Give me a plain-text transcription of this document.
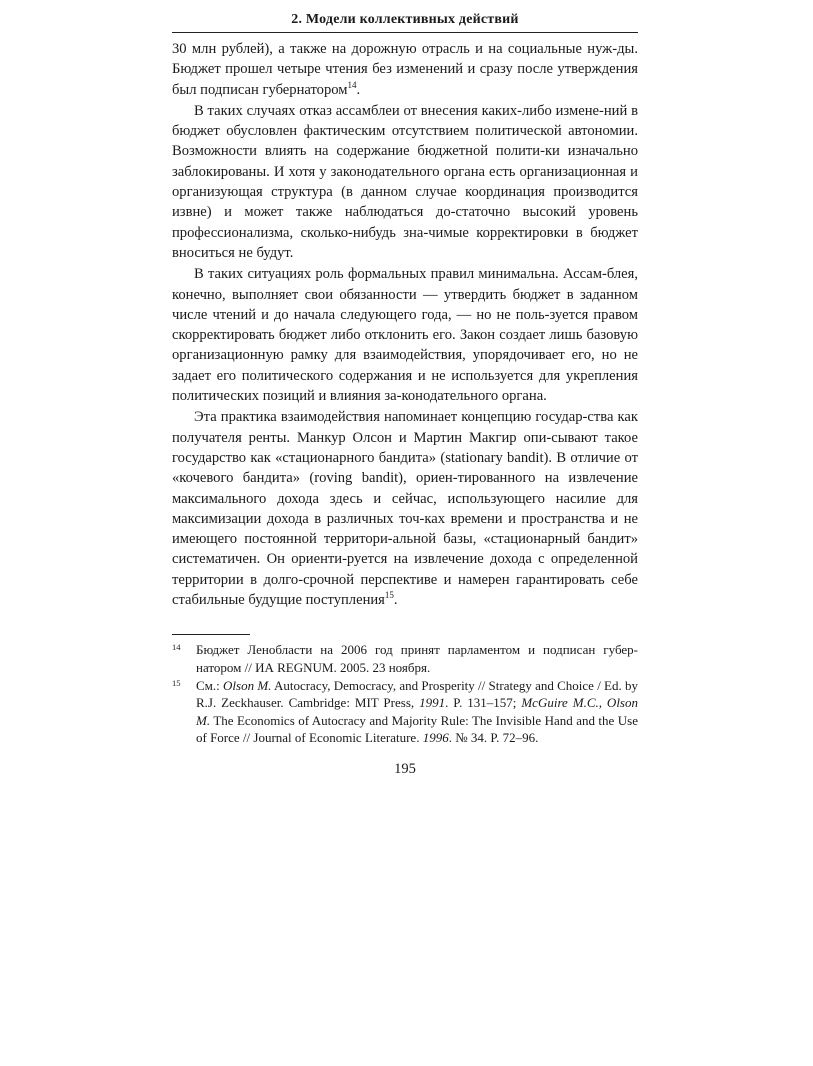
2. Модели коллективных действий

30 млн рублей), а также на дорожную отрасль и на социальные нуж-ды. Бюджет прошел четыре чтения без изменений и сразу после утверждения был подписан губернатором$^{14}$.

В таких случаях отказ ассамблеи от внесения каких-либо измене-ний в бюджет обусловлен фактическим отсутствием политической автономии. Возможности влиять на содержание бюджетной полити-ки изначально заблокированы. И хотя у законодательного органа есть организационная и организующая структура (в данном случае координация производится извне) и может также наблюдаться до-статочно высокий уровень профессионализма, сколько-нибудь зна-чимые корректировки в бюджет вноситься не будут.

В таких ситуациях роль формальных правил минимальна. Ассам-блея, конечно, выполняет свои обязанности — утвердить бюджет в заданном числе чтений и до начала следующего года, — но не поль-зуется правом скорректировать бюджет либо отклонить его. Закон создает лишь базовую организационную рамку для взаимодействия, упорядочивает его, но не задает его политического содержания и не используется для укрепления политических позиций и влияния за-конодательного органа.

Эта практика взаимодействия напоминает концепцию государ-ства как получателя ренты. Манкур Олсон и Мартин Макгир опи-сывают такое государство как «стационарного бандита» (stationary bandit). В отличие от «кочевого бандита» (roving bandit), ориен-тированного на извлечение максимального дохода здесь и сейчас, использующего насилие для максимизации дохода в различных точ-ках времени и пространства и не имеющего постоянной территори-альной базы, «стационарный бандит» систематичен. Он ориенти-руется на извлечение дохода с определенной территории в долго-срочной перспективе и намерен гарантировать себе стабильные будущие поступления$^{15}$.

14	Бюджет Ленобласти на 2006 год принят парламентом и подписан губер-натором // ИА REGNUM. 2005. 23 ноября.
15	См.: Olson M. Autocracy, Democracy, and Prosperity // Strategy and Choice / Ed. by R.J. Zeckhauser. Cambridge: MIT Press, 1991. P. 131–157; McGuire M.C., Olson M. The Economics of Autocracy and Majority Rule: The Invisible Hand and the Use of Force // Journal of Economic Literature. 1996. № 34. P. 72–96.
195
